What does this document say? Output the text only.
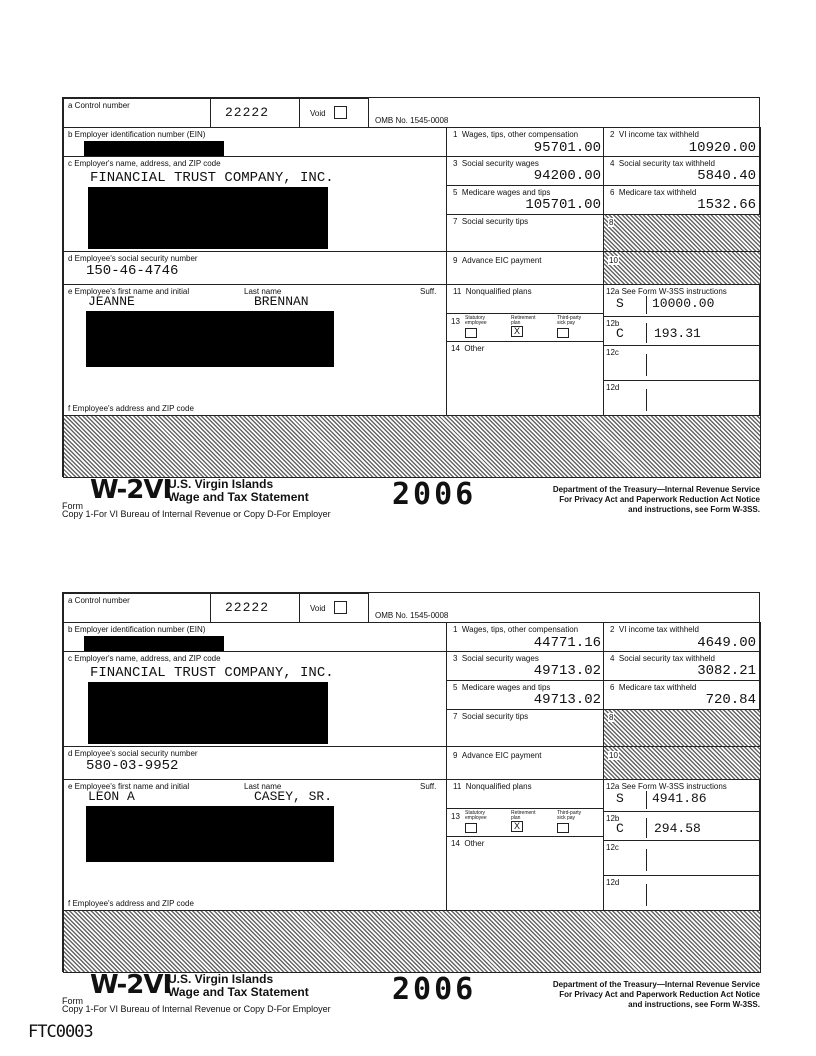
a Control number	22222	Void
OMB No. 1545-0008
b Employer identification number (EIN)
c Employer's name, address, and ZIP code
FINANCIAL TRUST COMPANY, INC.
d Employee's social security number
150-46-4746
e Employee's first name and initial	Last name	Suff.
JEANNE	BRENNAN
f Employee's address and ZIP code
1  Wages, tips, other compensation
95701.00
2  VI income tax withheld
10920.00
3  Social security wages
94200.00
4  Social security tax withheld
5840.40
5  Medicare wages and tips
105701.00
6  Medicare tax withheld
1532.66
7  Social security tips	8
9  Advance EIC payment	10
11  Nonqualified plans
13 Statutory employee
Retirement plan
Third-party sick pay
X
14  Other
12a See Form W-3SS instructions
S 10000.00
12b
C 193.31
12c
12d
Form
W-2VI
U.S. Virgin Islands
Wage and Tax Statement	2006
Copy 1-For VI Bureau of Internal Revenue or Copy D-For Employer
Department of the Treasury—Internal Revenue Service
For Privacy Act and Paperwork Reduction Act Notice
and instructions, see Form W-3SS.
a Control number	22222	Void
OMB No. 1545-0008
b Employer identification number (EIN)
c Employer's name, address, and ZIP code
FINANCIAL TRUST COMPANY, INC.
d Employee's social security number
580-03-9952
e Employee's first name and initial	Last name	Suff.
LEON A	CASEY, SR.
f Employee's address and ZIP code
1  Wages, tips, other compensation
44771.16
2  VI income tax withheld
4649.00
3  Social security wages
49713.02
4  Social security tax withheld
3082.21
5  Medicare wages and tips
49713.02
6  Medicare tax withheld
720.84
7  Social security tips	8
9  Advance EIC payment	10
11  Nonqualified plans
13 Statutory employee
Retirement plan
Third-party sick pay
X
14  Other
12a See Form W-3SS instructions
S 4941.86
12b
C 294.58
12c
12d
Form
W-2VI
U.S. Virgin Islands
Wage and Tax Statement	2006
Copy 1-For VI Bureau of Internal Revenue or Copy D-For Employer
Department of the Treasury—Internal Revenue Service
For Privacy Act and Paperwork Reduction Act Notice
and instructions, see Form W-3SS.
FTC0003
